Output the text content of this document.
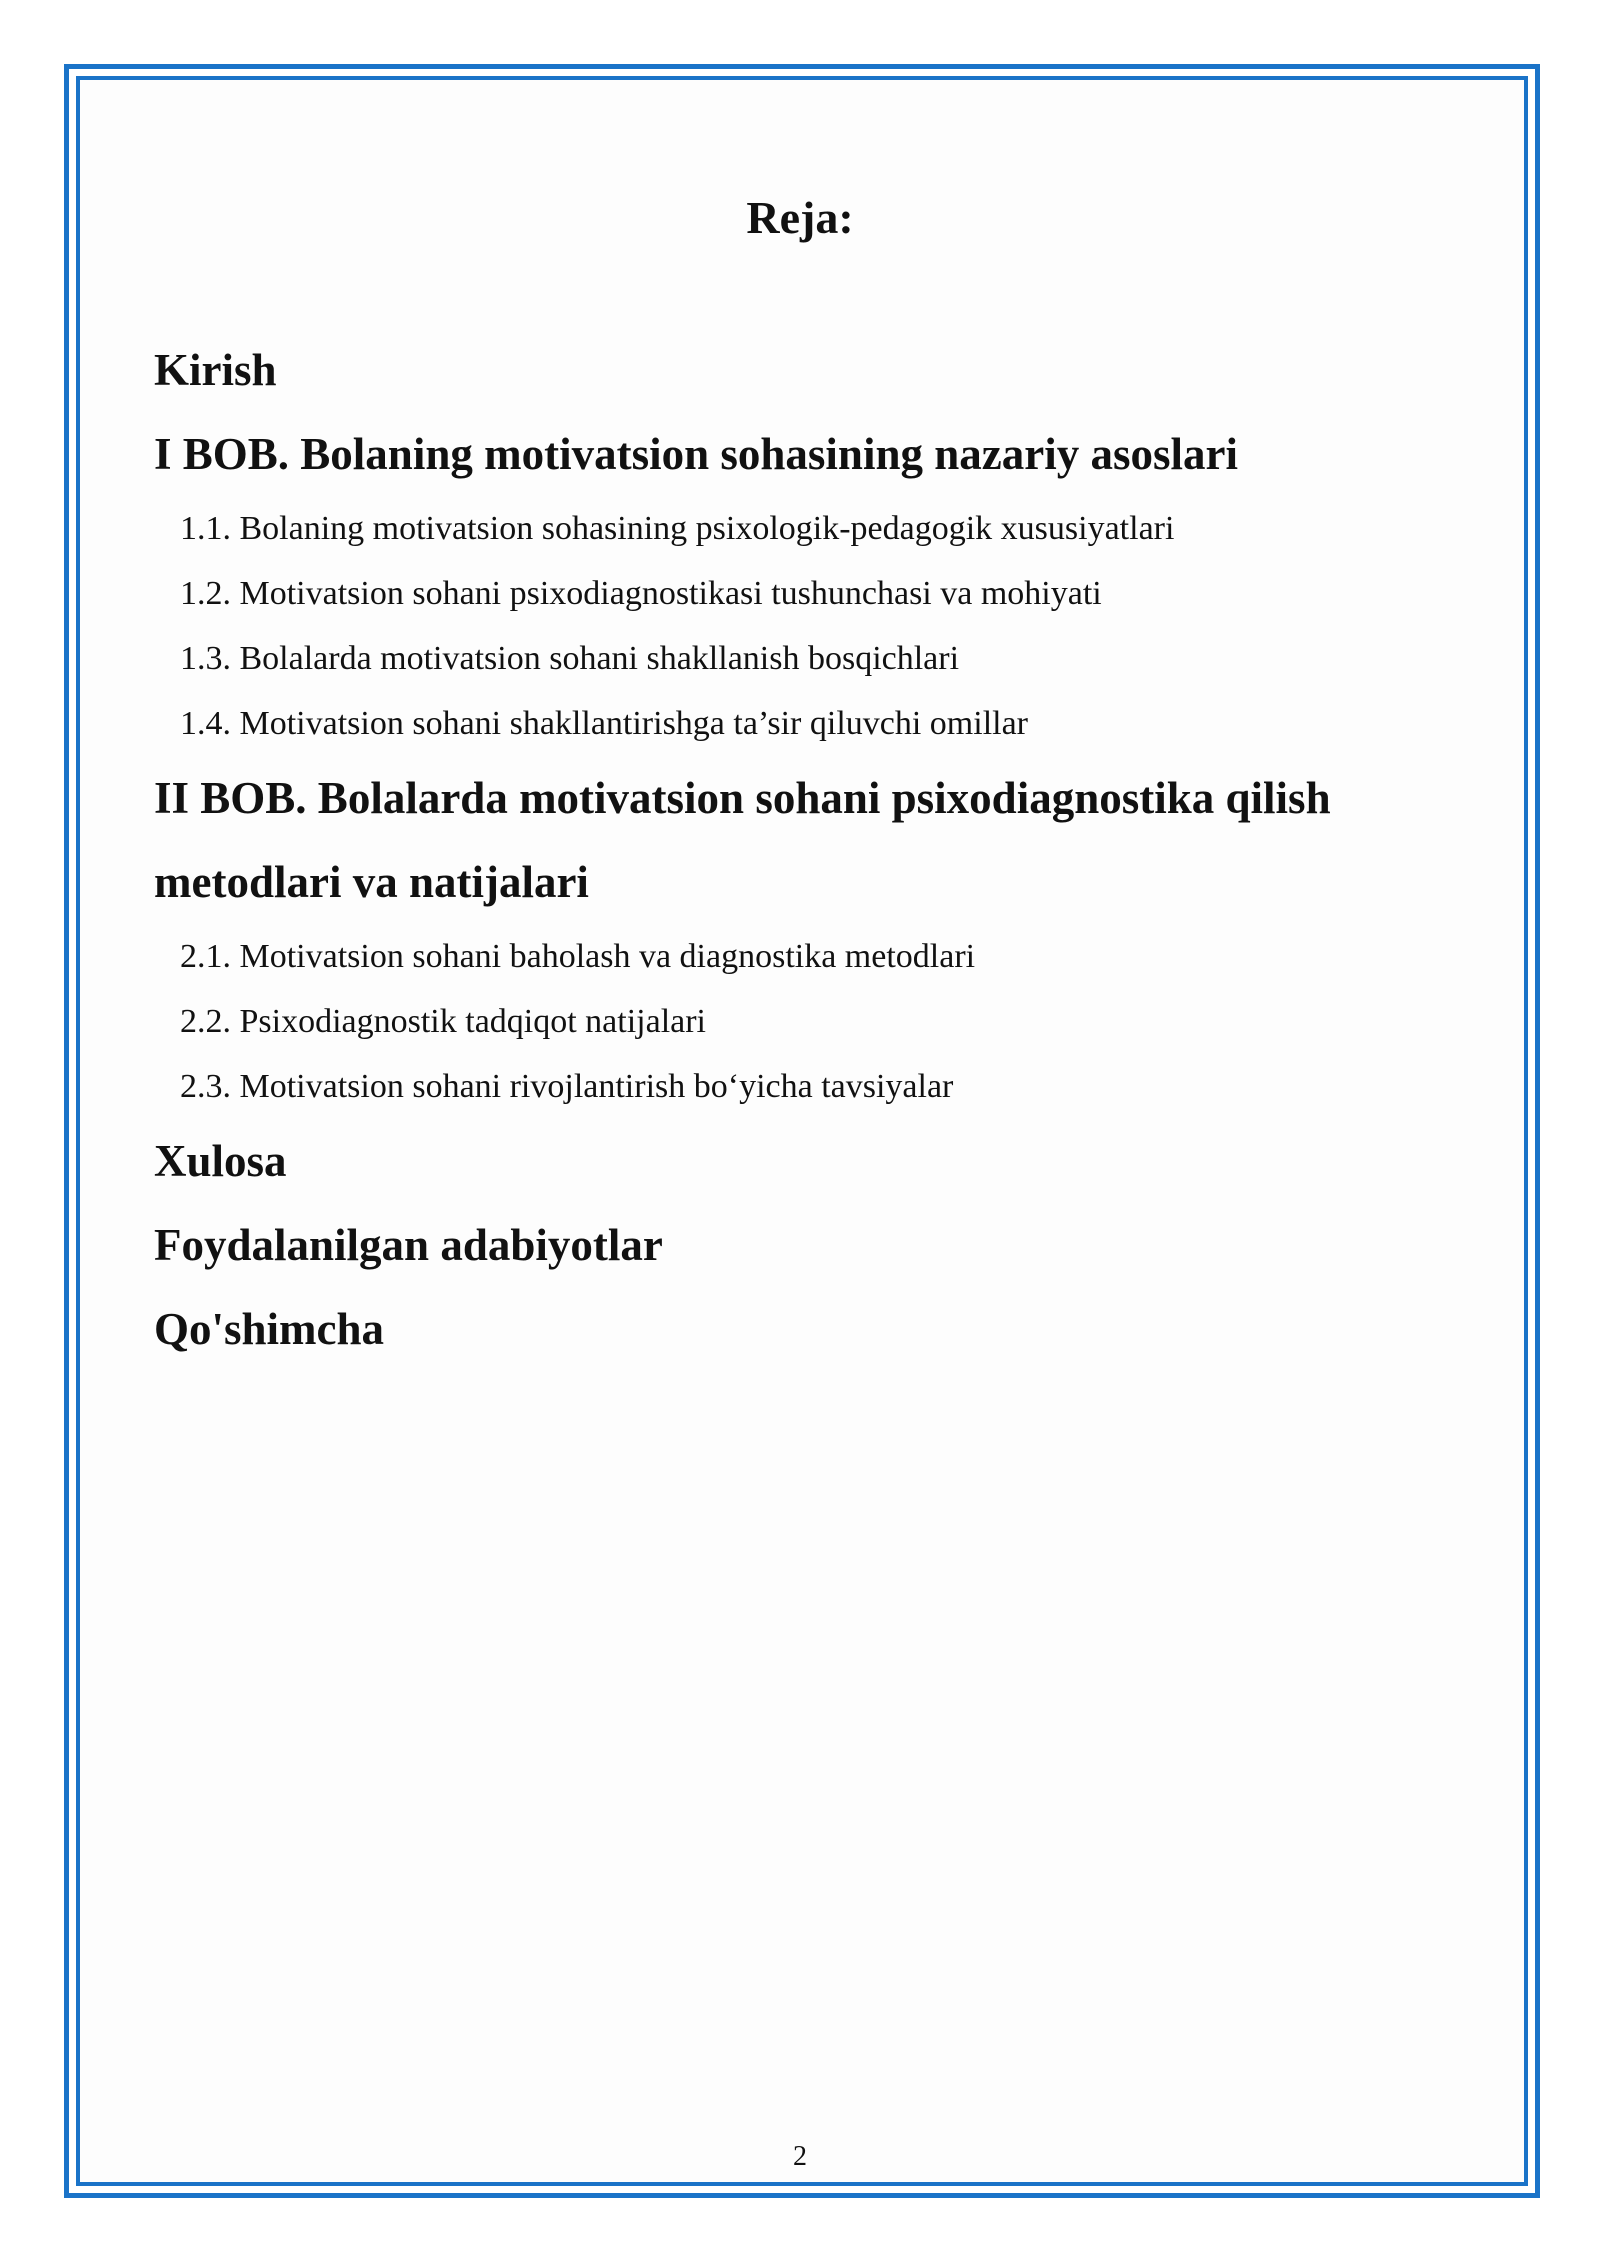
Reja:

Kirish

I BOB. Bolaning motivatsion sohasining nazariy asoslari

1.1. Bolaning motivatsion sohasining psixologik-pedagogik xususiyatlari

1.2. Motivatsion sohani psixodiagnostikasi tushunchasi va mohiyati

1.3. Bolalarda motivatsion sohani shakllanish bosqichlari

1.4. Motivatsion sohani shakllantirishga ta’sir qiluvchi omillar

II BOB. Bolalarda motivatsion sohani psixodiagnostika qilish metodlari va natijalari

2.1. Motivatsion sohani baholash va diagnostika metodlari

2.2. Psixodiagnostik tadqiqot natijalari

2.3. Motivatsion sohani rivojlantirish bo‘yicha tavsiyalar

Xulosa

Foydalanilgan adabiyotlar

Qo'shimcha

2
